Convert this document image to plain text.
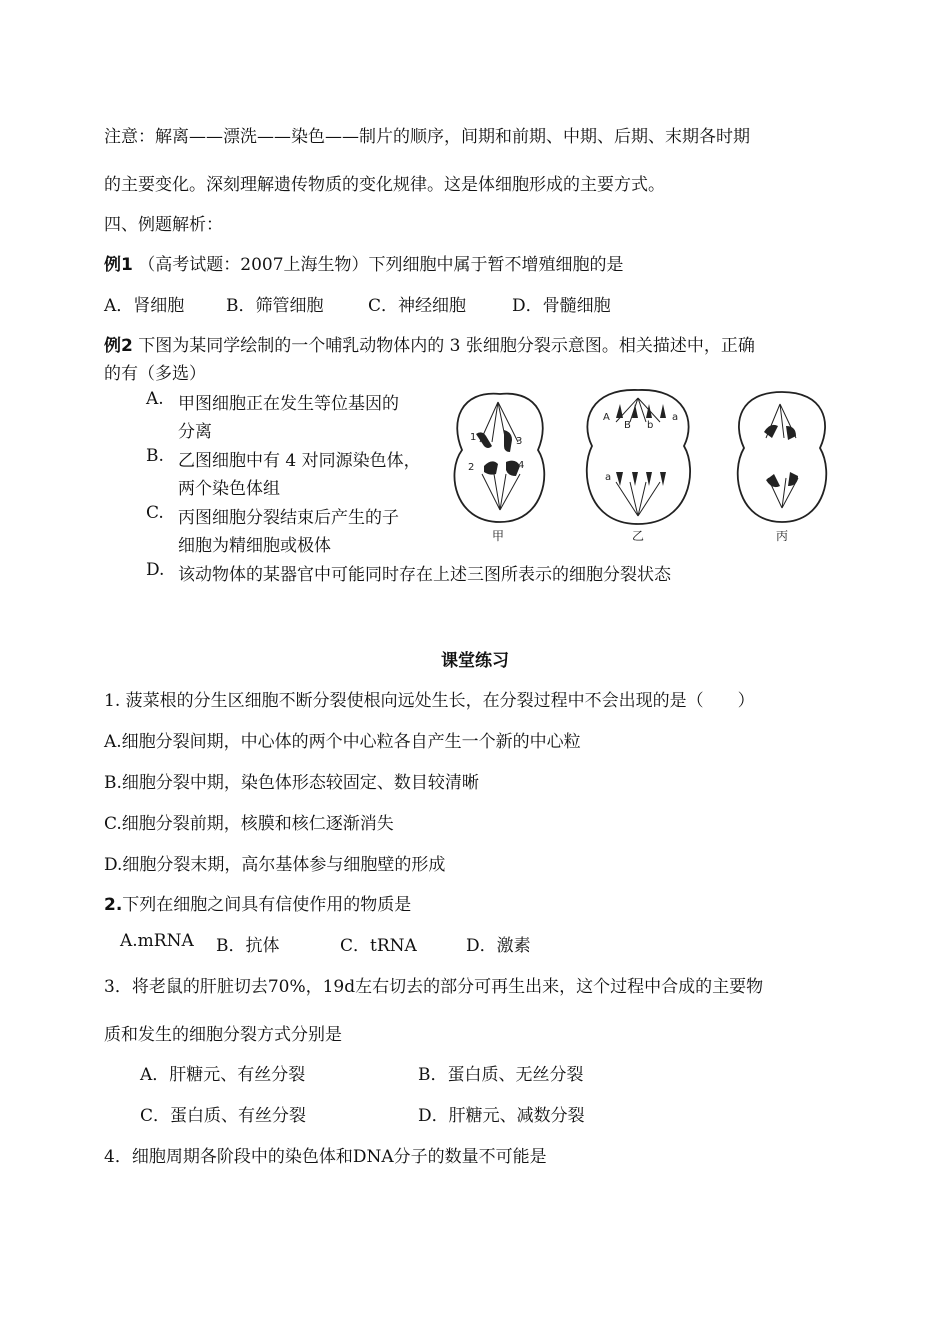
注意：解离——漂洗——染色——制片的顺序，间期和前期、中期、后期、末期各时期
的主要变化。深刻理解遗传物质的变化规律。这是体细胞形成的主要方式。
四、例题解析：
例1 （高考试题：2007上海生物）下列细胞中属于暂不增殖细胞的是
A．肾细胞 B．筛管细胞	C．神经细胞	D．骨髓细胞
例2 下图为某同学绘制的一个哺乳动物体内的 3 张细胞分裂示意图。相关描述中，正确
的有（多选）
A. 甲图细胞正在发生等位基因的
分离
B. 乙图细胞中有 4 对同源染色体，
两个染色体组
C. 丙图细胞分裂结束后产生的子
细胞为精细胞或极体
D. 该动物体的某器官中可能同时存在上述三图所表示的细胞分裂状态
1
2
3
4
A
B b
a
a
甲	乙	丙
课堂练习
1. 菠菜根的分生区细胞不断分裂使根向远处生长，在分裂过程中不会出现的是（　　）
A.细胞分裂间期，中心体的两个中心粒各自产生一个新的中心粒
B.细胞分裂中期，染色体形态较固定、数目较清晰
C.细胞分裂前期，核膜和核仁逐渐消失
D.细胞分裂末期，高尔基体参与细胞壁的形成
2.下列在细胞之间具有信使作用的物质是
A.mRNA B．抗体	C．tRNA	D．激素
3．将老鼠的肝脏切去70%，19d左右切去的部分可再生出来，这个过程中合成的主要物
质和发生的细胞分裂方式分别是
A．肝糖元、有丝分裂	B．蛋白质、无丝分裂
C．蛋白质、有丝分裂	D．肝糖元、减数分裂
4．细胞周期各阶段中的染色体和DNA分子的数量不可能是
